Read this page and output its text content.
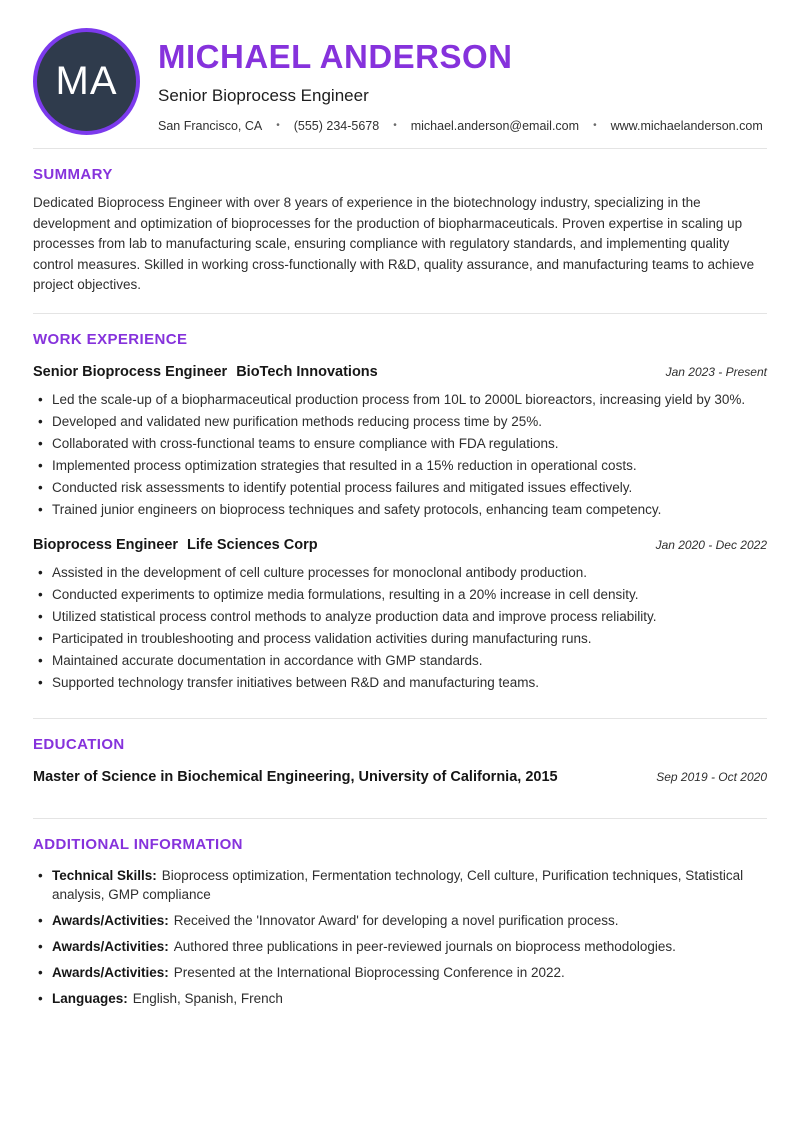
MA
MICHAEL ANDERSON
Senior Bioprocess Engineer
San Francisco, CA • (555) 234-5678 • michael.anderson@email.com • www.michaelanderson.com
SUMMARY

Dedicated Bioprocess Engineer with over 8 years of experience in the biotechnology industry, specializing in the development and optimization of bioprocesses for the production of biopharmaceuticals. Proven expertise in scaling up processes from lab to manufacturing scale, ensuring compliance with regulatory standards, and implementing quality control measures. Skilled in working cross-functionally with R&D, quality assurance, and manufacturing teams to achieve project objectives.

WORK EXPERIENCE
Senior Bioprocess Engineer BioTech Innovations	Jan 2023 - Present
• Led the scale-up of a biopharmaceutical production process from 10L to 2000L bioreactors, increasing yield by 30%.
• Developed and validated new purification methods reducing process time by 25%.
• Collaborated with cross-functional teams to ensure compliance with FDA regulations.
• Implemented process optimization strategies that resulted in a 15% reduction in operational costs.
• Conducted risk assessments to identify potential process failures and mitigated issues effectively.
• Trained junior engineers on bioprocess techniques and safety protocols, enhancing team competency.
Bioprocess Engineer Life Sciences Corp	Jan 2020 - Dec 2022
• Assisted in the development of cell culture processes for monoclonal antibody production.
• Conducted experiments to optimize media formulations, resulting in a 20% increase in cell density.
• Utilized statistical process control methods to analyze production data and improve process reliability.
• Participated in troubleshooting and process validation activities during manufacturing runs.
• Maintained accurate documentation in accordance with GMP standards.
• Supported technology transfer initiatives between R&D and manufacturing teams.
EDUCATION
Master of Science in Biochemical Engineering, University of California, 2015	Sep 2019 - Oct 2020
ADDITIONAL INFORMATION
• Technical Skills: Bioprocess optimization, Fermentation technology, Cell culture, Purification techniques, Statistical analysis, GMP compliance
• Awards/Activities: Received the 'Innovator Award' for developing a novel purification process.
• Awards/Activities: Authored three publications in peer-reviewed journals on bioprocess methodologies.
• Awards/Activities: Presented at the International Bioprocessing Conference in 2022.
• Languages: English, Spanish, French
